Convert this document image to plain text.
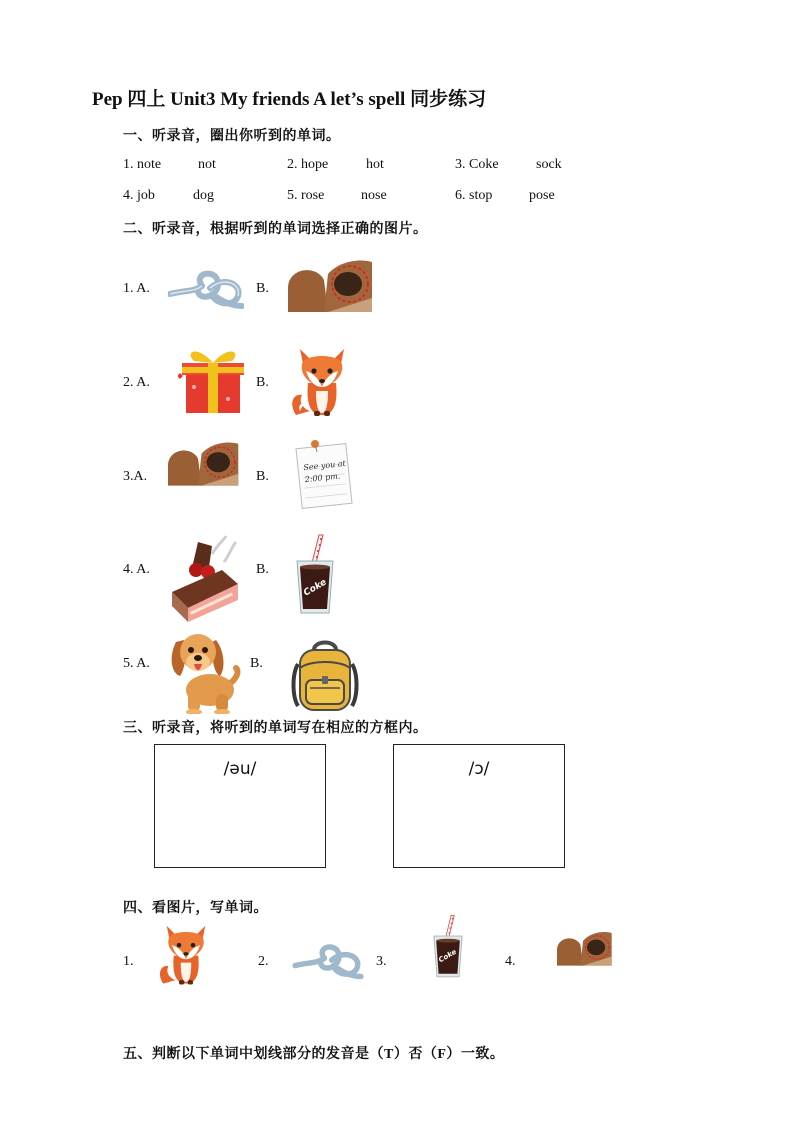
Pep 四上 Unit3 My friends A let’s spell 同步练习
一、听录音，圈出你听到的单词。
1. note	not	2. hope	hot	3. Coke	sock
4. job	dog	5. rose	nose	6. stop	pose
二、听录音，根据听到的单词选择正确的图片。
1. A.	B.
2. A.	B.
3.A.	B.
See you at
2:00 pm.
4. A.	B.
Coke
5. A.	B.
三、听录音，将听到的单词写在相应的方框内。
/əu/	/ɔ/
四、看图片，写单词。
1.	2.	3.	Coke	4.
五、判断以下单词中划线部分的发音是（T）否（F）一致。
